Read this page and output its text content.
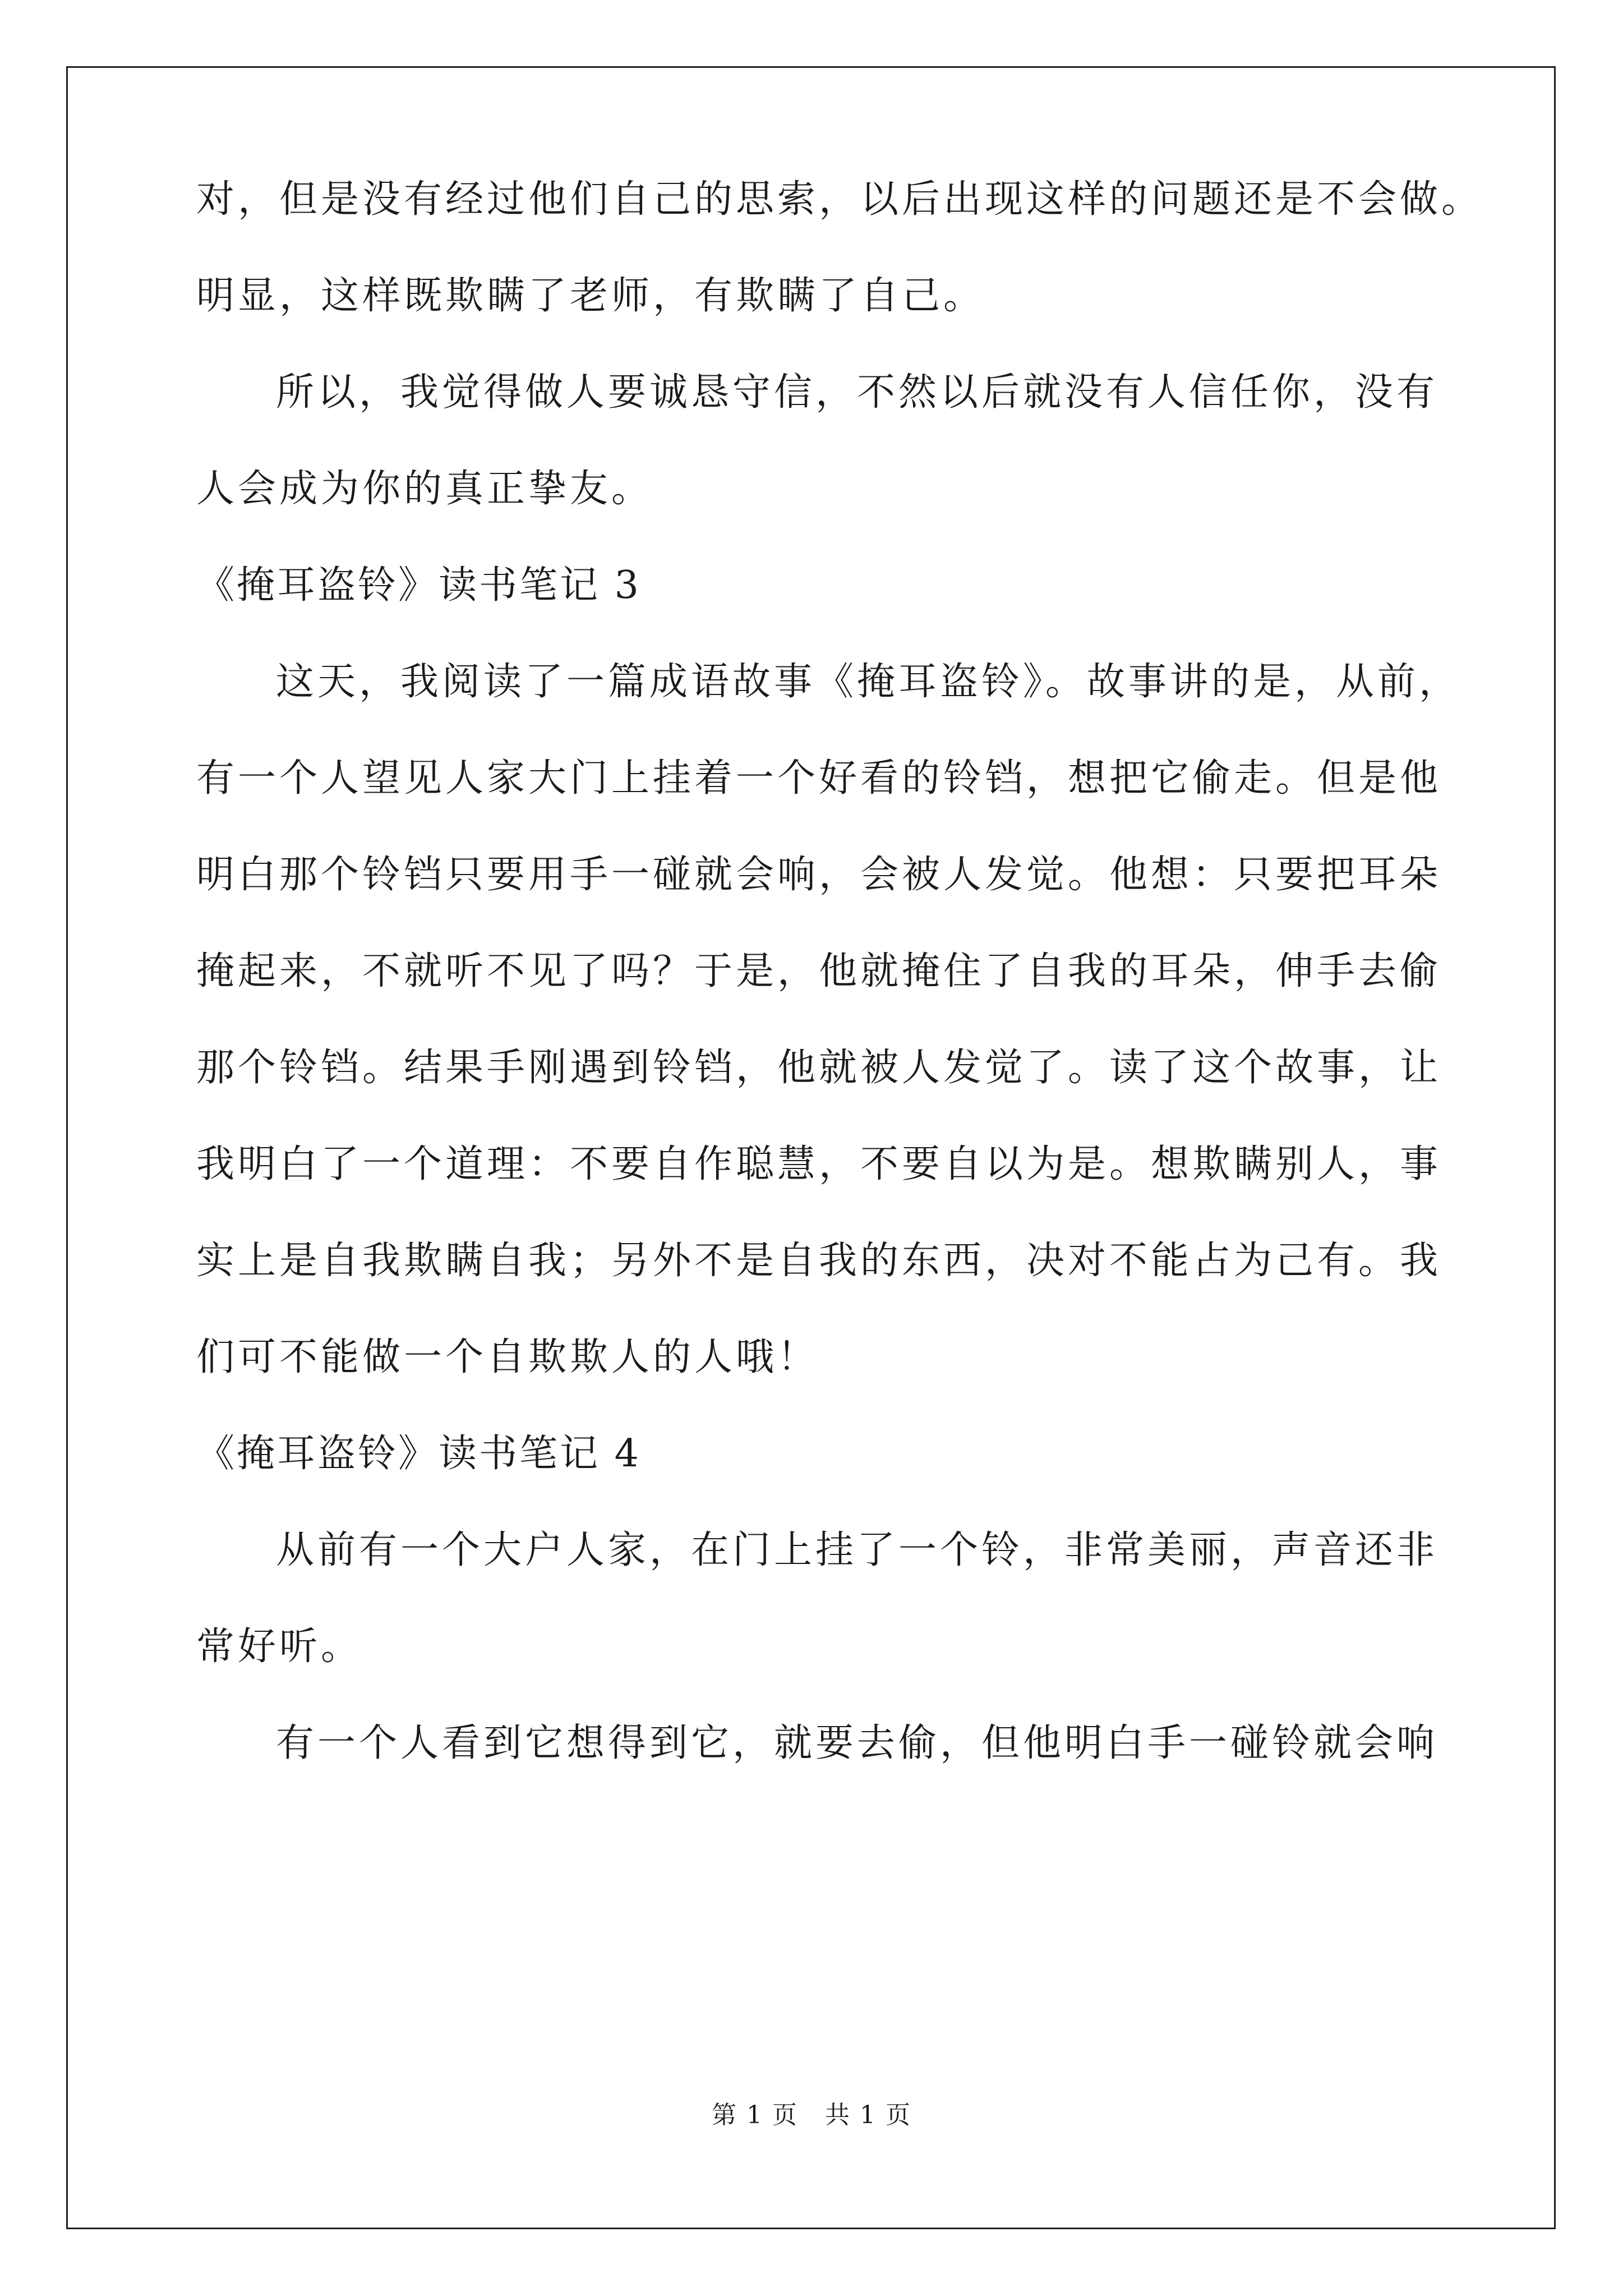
对，但是没有经过他们自己的思索，以后出现这样的问题还是不会做。
明显，这样既欺瞒了老师，有欺瞒了自己。
所以，我觉得做人要诚恳守信，不然以后就没有人信任你，没有
人会成为你的真正挚友。
《掩耳盗铃》读书笔记 3
这天，我阅读了一篇成语故事《掩耳盗铃》。故事讲的是，从前，
有一个人望见人家大门上挂着一个好看的铃铛，想把它偷走。但是他
明白那个铃铛只要用手一碰就会响，会被人发觉。他想：只要把耳朵
掩起来，不就听不见了吗？于是，他就掩住了自我的耳朵，伸手去偷
那个铃铛。结果手刚遇到铃铛，他就被人发觉了。读了这个故事，让
我明白了一个道理：不要自作聪慧，不要自以为是。想欺瞒别人，事
实上是自我欺瞒自我；另外不是自我的东西，决对不能占为己有。我
们可不能做一个自欺欺人的人哦！
《掩耳盗铃》读书笔记 4
从前有一个大户人家，在门上挂了一个铃，非常美丽，声音还非
常好听。
有一个人看到它想得到它，就要去偷，但他明白手一碰铃就会响
第 1 页   共 1 页
